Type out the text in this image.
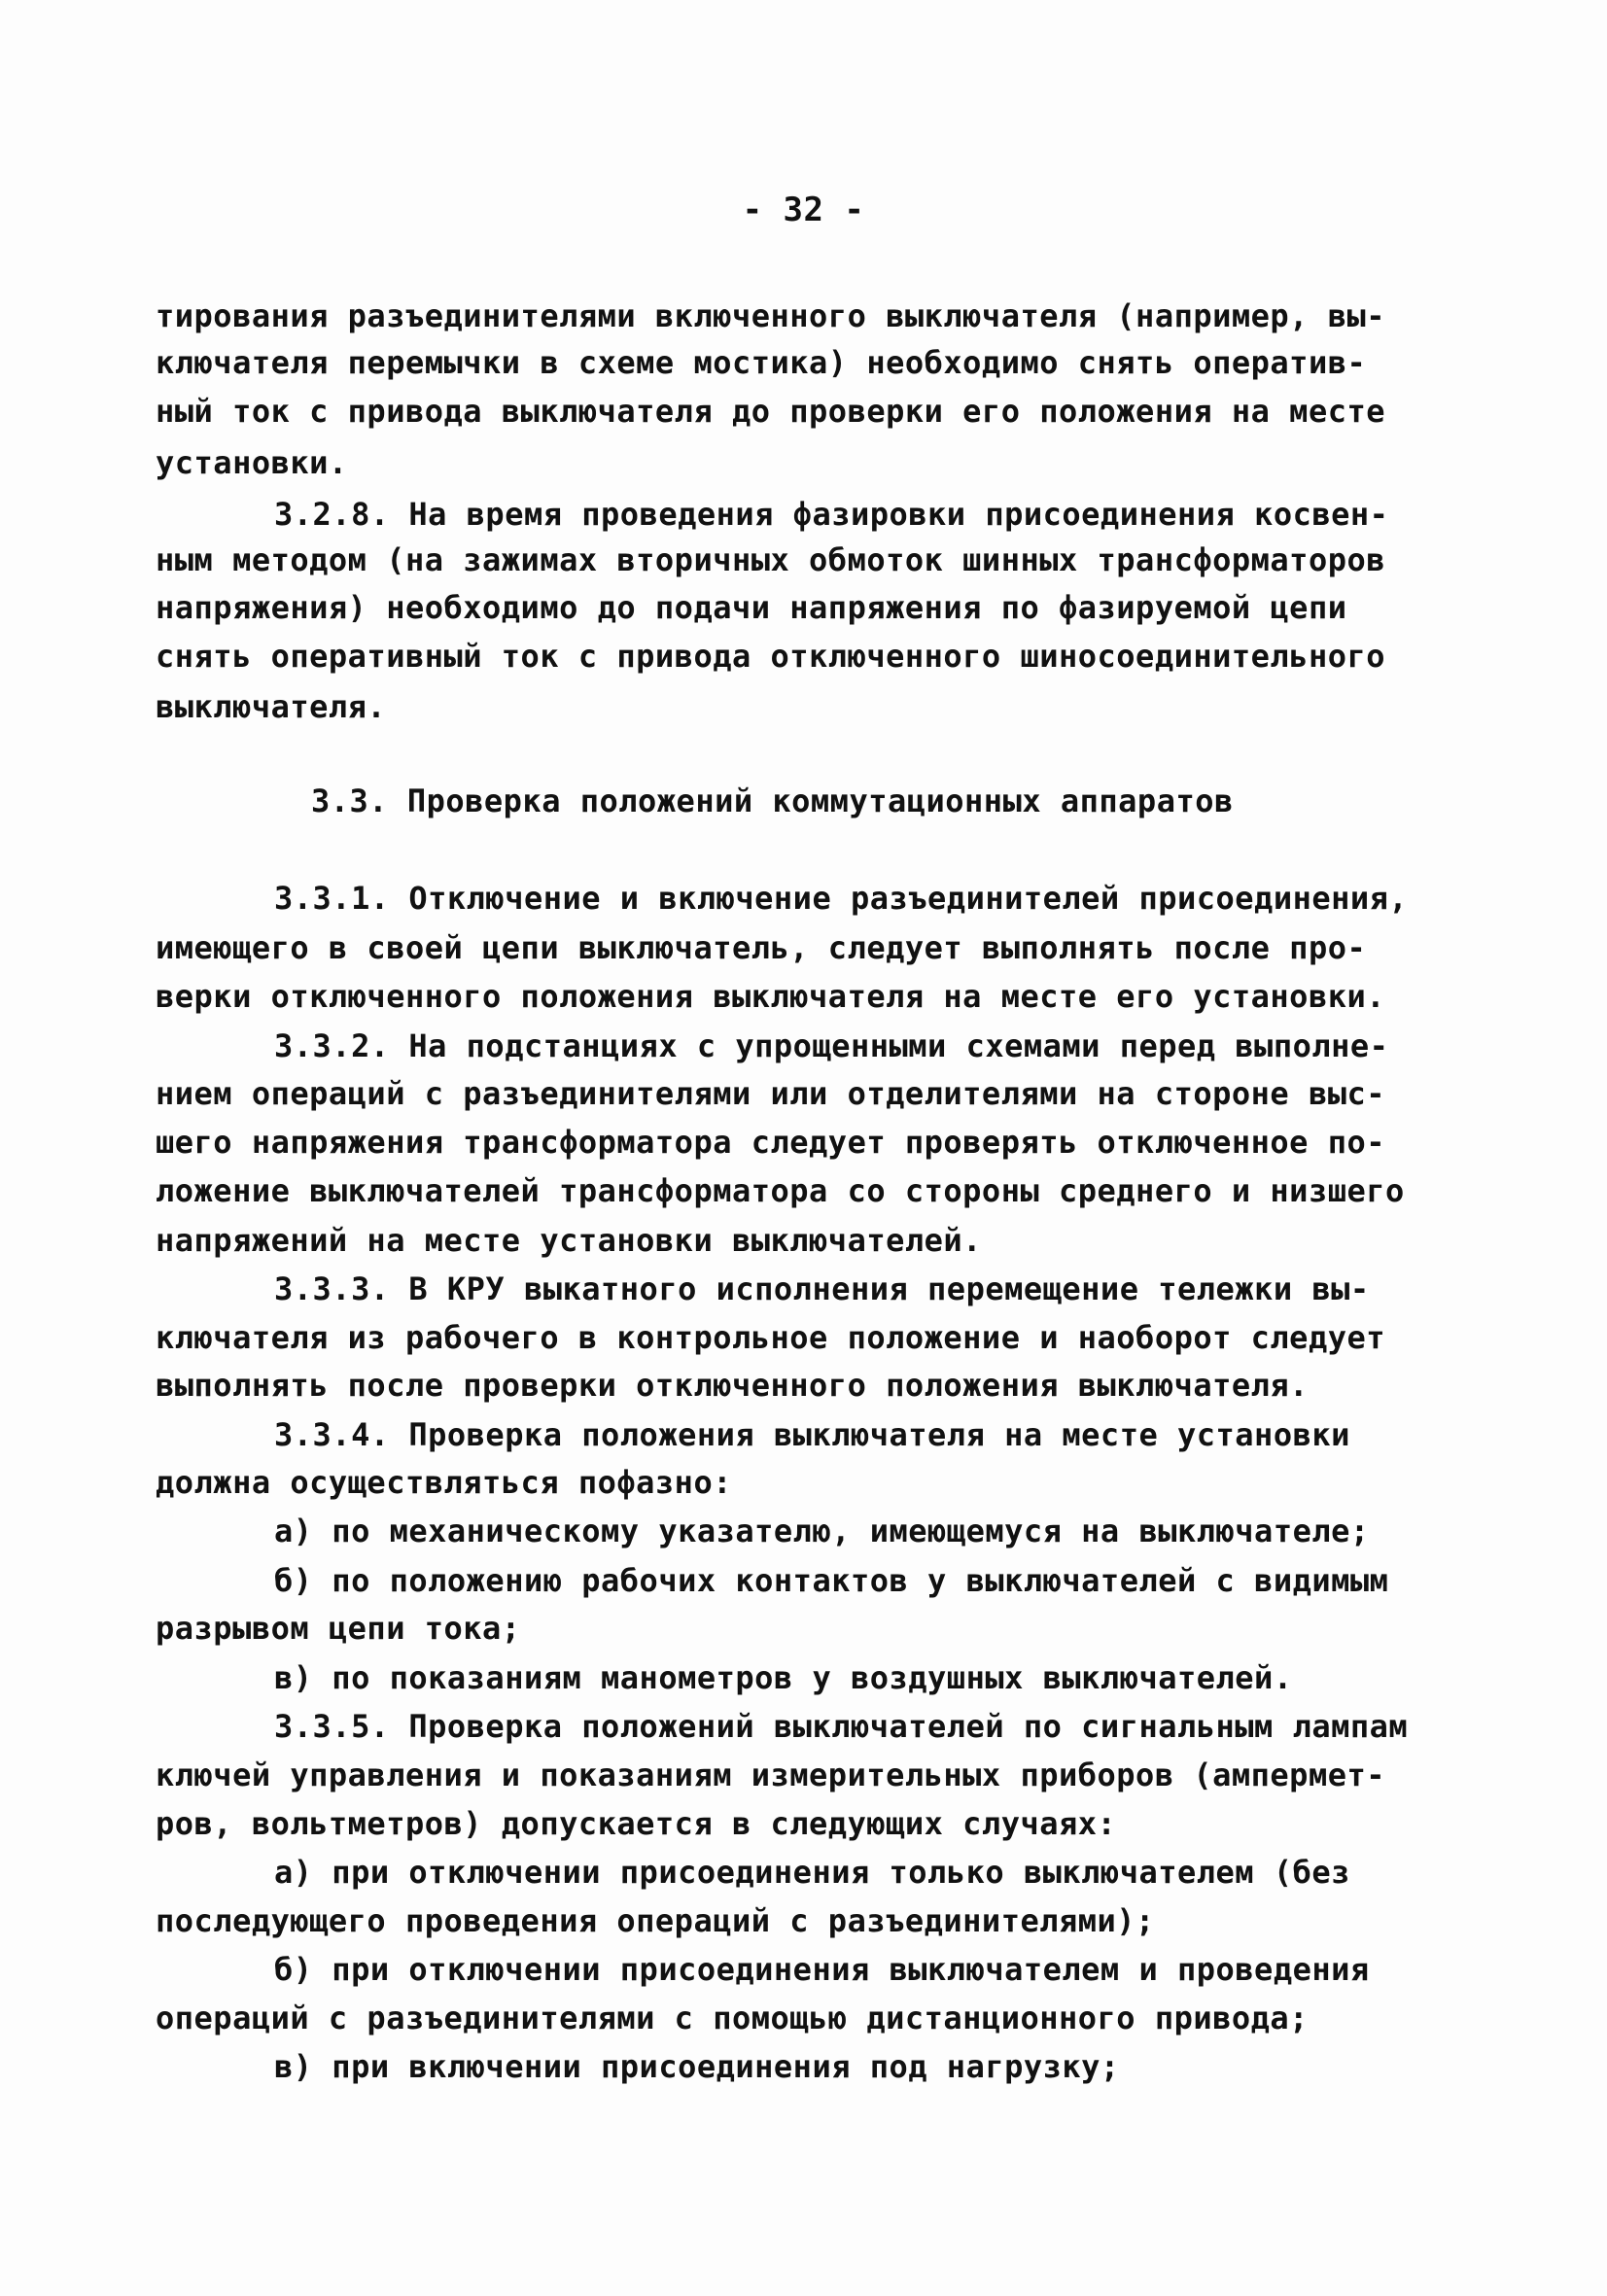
- 32 -
тирования разъединителями включенного выключателя (например, вы-
ключателя перемычки в схеме мостика) необходимо снять оператив-
ный ток с привода выключателя до проверки его положения на месте
установки.
3.2.8. На время проведения фазировки присоединения косвен-
ным методом (на зажимах вторичных обмоток шинных трансформаторов
напряжения) необходимо до подачи напряжения по фазируемой цепи
снять оперативный ток с привода отключенного шиносоединительного
выключателя.
3.3. Проверка положений коммутационных аппаратов
3.3.1. Отключение и включение разъединителей присоединения,
имеющего в своей цепи выключатель, следует выполнять после про-
верки отключенного положения выключателя на месте его установки.
3.3.2. На подстанциях с упрощенными схемами перед выполне-
нием операций с разъединителями или отделителями на стороне выс-
шего напряжения трансформатора следует проверять отключенное по-
ложение выключателей трансформатора со стороны среднего и низшего
напряжений на месте установки выключателей.
3.3.3. В КРУ выкатного исполнения перемещение тележки вы-
ключателя из рабочего в контрольное положение и наоборот следует
выполнять после проверки отключенного положения выключателя.
3.3.4. Проверка положения выключателя на месте установки
должна осуществляться пофазно:
а) по механическому указателю, имеющемуся на выключателе;
б) по положению рабочих контактов у выключателей с видимым
разрывом цепи тока;
в) по показаниям манометров у воздушных выключателей.
3.3.5. Проверка положений выключателей по сигнальным лампам
ключей управления и показаниям измерительных приборов (ампермет-
ров, вольтметров) допускается в следующих случаях:
а) при отключении присоединения только выключателем (без
последующего проведения операций с разъединителями);
б) при отключении присоединения выключателем и проведения
операций с разъединителями с помощью дистанционного привода;
в) при включении присоединения под нагрузку;
